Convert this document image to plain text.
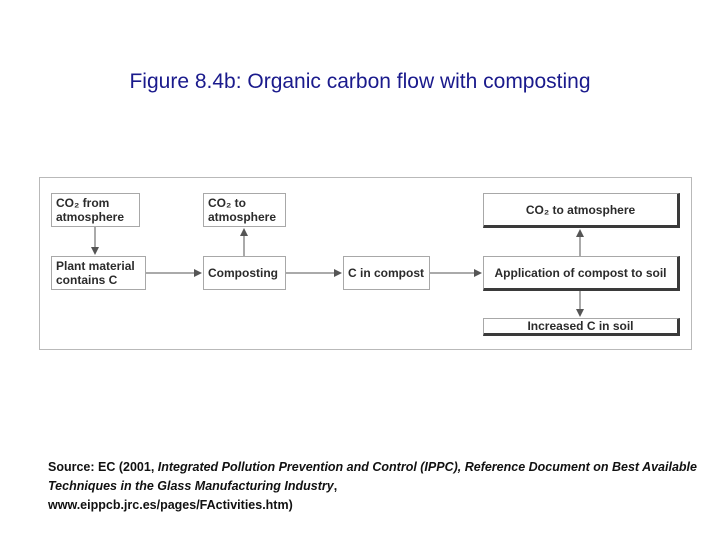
Figure 8.4b: Organic carbon flow with composting
CO₂ from
atmosphere
Plant material
contains C
CO₂ to
atmosphere
Composting	C in compost
CO₂ to atmosphere
Application of compost to soil
Increased C in soil
Source: EC (2001, Integrated Pollution Prevention and Control (IPPC), Reference Document on Best Available Techniques in the Glass Manufacturing Industry,
www.eippcb.jrc.es/pages/FActivities.htm)
